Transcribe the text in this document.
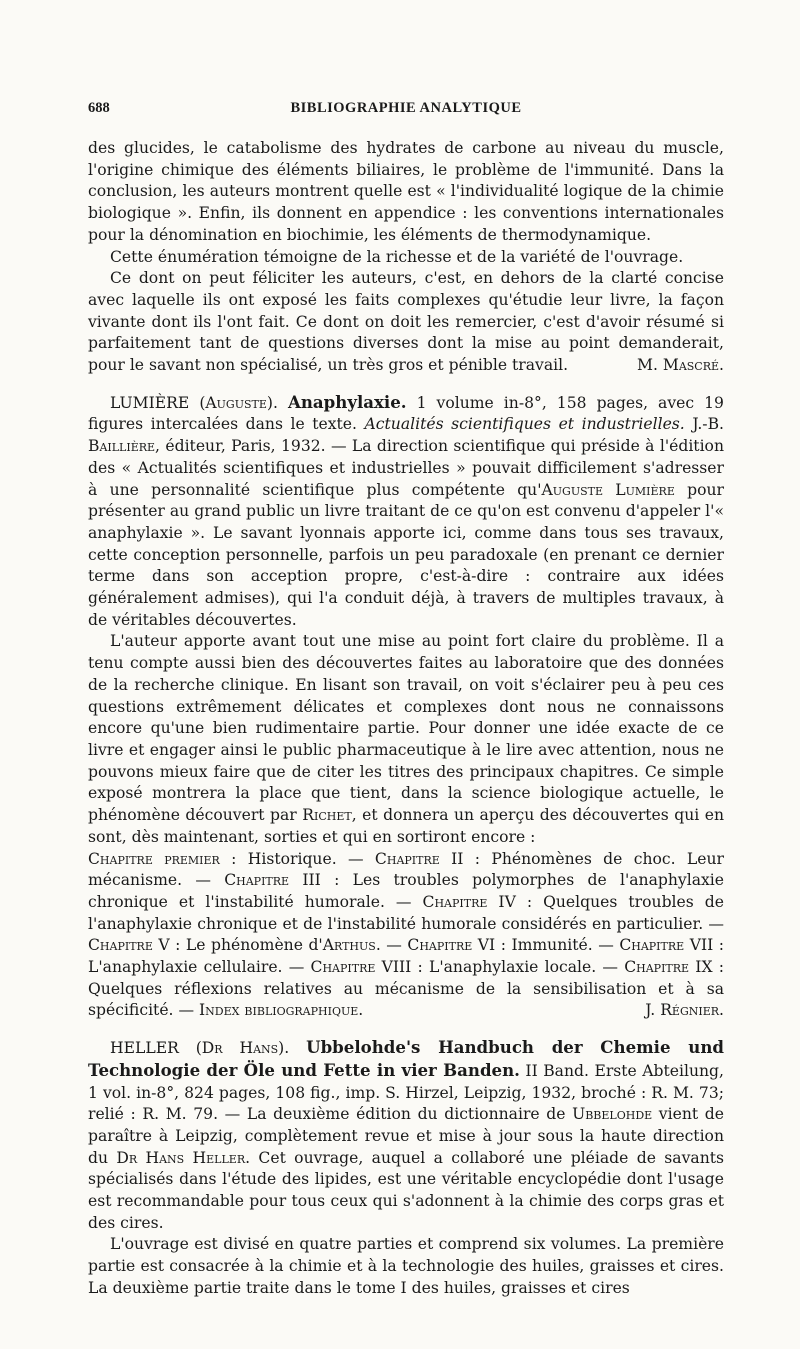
688	BIBLIOGRAPHIE ANALYTIQUE

des glucides, le catabolisme des hydrates de carbone au niveau du muscle, l'origine chimique des éléments biliaires, le problème de l'immunité. Dans la conclusion, les auteurs montrent quelle est « l'individualité logique de la chimie biologique ». Enfin, ils donnent en appendice : les conventions internationales pour la dénomination en biochimie, les éléments de thermodynamique.

Cette énumération témoigne de la richesse et de la variété de l'ouvrage.

Ce dont on peut féliciter les auteurs, c'est, en dehors de la clarté concise avec laquelle ils ont exposé les faits complexes qu'étudie leur livre, la façon vivante dont ils l'ont fait. Ce dont on doit les remercier, c'est d'avoir résumé si parfaitement tant de questions diverses dont la mise au point demanderait, pour le savant non spécialisé, un très gros et pénible travail.	M. Mascré.

LUMIÈRE (Auguste). Anaphylaxie. 1 volume in-8°, 158 pages, avec 19 figures intercalées dans le texte. Actualités scientifiques et industrielles. J.-B. Baillière, éditeur, Paris, 1932. — La direction scientifique qui préside à l'édition des « Actualités scientifiques et industrielles » pouvait difficilement s'adresser à une personnalité scientifique plus compétente qu'Auguste Lumière pour présenter au grand public un livre traitant de ce qu'on est convenu d'appeler l'« anaphylaxie ». Le savant lyonnais apporte ici, comme dans tous ses travaux, cette conception personnelle, parfois un peu paradoxale (en prenant ce dernier terme dans son acception propre, c'est-à-dire : contraire aux idées généralement admises), qui l'a conduit déjà, à travers de multiples travaux, à de véritables découvertes.

L'auteur apporte avant tout une mise au point fort claire du problème. Il a tenu compte aussi bien des découvertes faites au laboratoire que des données de la recherche clinique. En lisant son travail, on voit s'éclairer peu à peu ces questions extrêmement délicates et complexes dont nous ne connaissons encore qu'une bien rudimentaire partie. Pour donner une idée exacte de ce livre et engager ainsi le public pharmaceutique à le lire avec attention, nous ne pouvons mieux faire que de citer les titres des principaux chapitres. Ce simple exposé montrera la place que tient, dans la science biologique actuelle, le phénomène découvert par Richet, et donnera un aperçu des découvertes qui en sont, dès maintenant, sorties et qui en sortiront encore :

Chapitre premier : Historique. — Chapitre II : Phénomènes de choc. Leur mécanisme. — Chapitre III : Les troubles polymorphes de l'anaphylaxie chronique et l'instabilité humorale. — Chapitre IV : Quelques troubles de l'anaphylaxie chronique et de l'instabilité humorale considérés en particulier. — Chapitre V : Le phénomène d'Arthus. — Chapitre VI : Immunité. — Chapitre VII : L'anaphylaxie cellulaire. — Chapitre VIII : L'anaphylaxie locale. — Chapitre IX : Quelques réflexions relatives au mécanisme de la sensibilisation et à sa spécificité. — Index bibliographique.	J. Régnier.

HELLER (Dr Hans). Ubbelohde's Handbuch der Chemie und Technologie der Öle und Fette in vier Banden. II Band. Erste Abteilung, 1 vol. in-8°, 824 pages, 108 fig., imp. S. Hirzel, Leipzig, 1932, broché : R. M. 73; relié : R. M. 79. — La deuxième édition du dictionnaire de Ubbelohde vient de paraître à Leipzig, complètement revue et mise à jour sous la haute direction du Dr Hans Heller. Cet ouvrage, auquel a collaboré une pléiade de savants spécialisés dans l'étude des lipides, est une véritable encyclopédie dont l'usage est recommandable pour tous ceux qui s'adonnent à la chimie des corps gras et des cires.

L'ouvrage est divisé en quatre parties et comprend six volumes. La première partie est consacrée à la chimie et à la technologie des huiles, graisses et cires. La deuxième partie traite dans le tome I des huiles, graisses et cires
